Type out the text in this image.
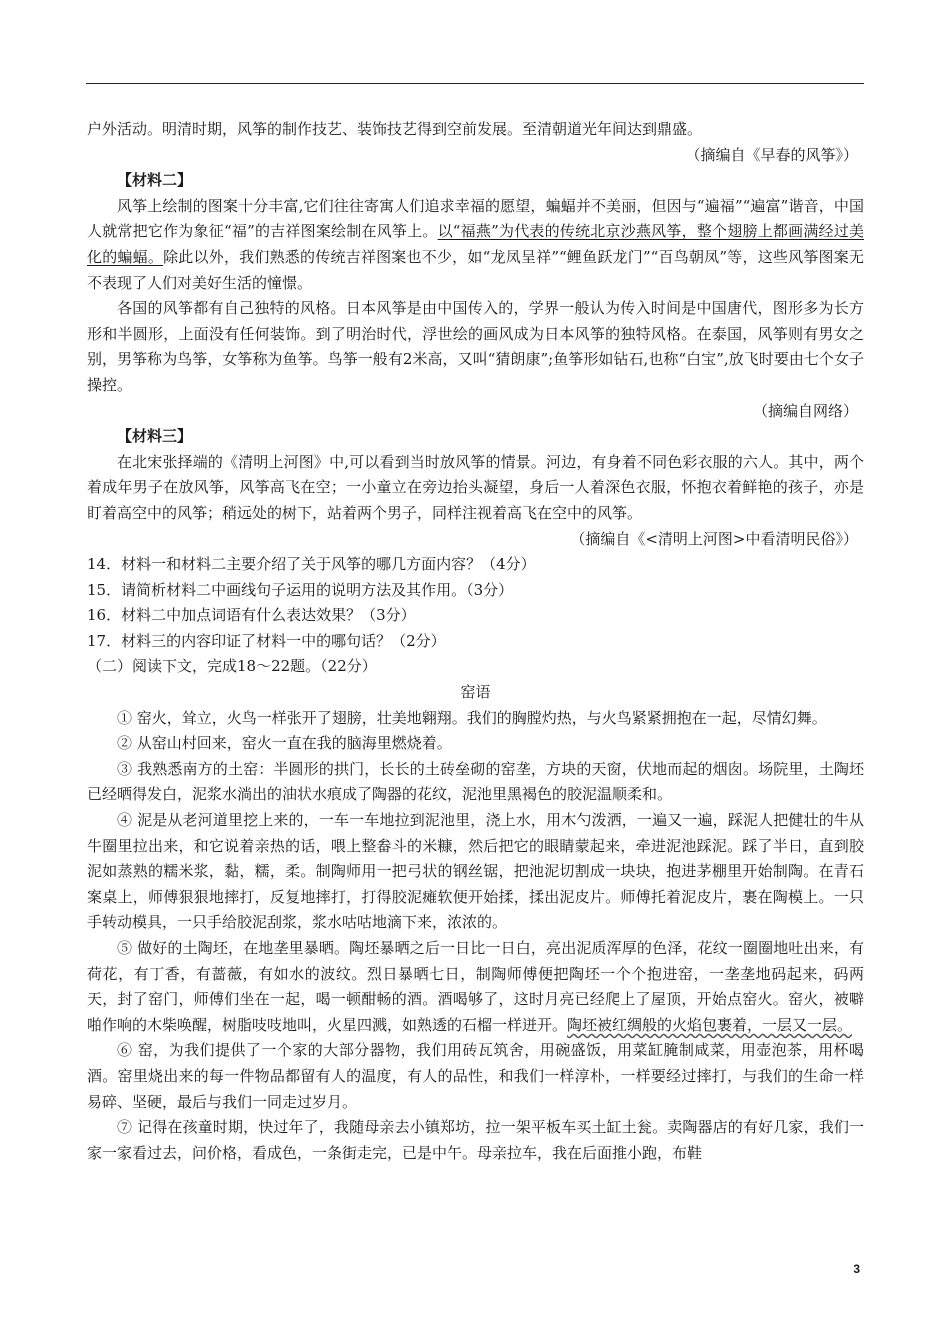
户外活动。明清时期，风筝的制作技艺、装饰技艺得到空前发展。至清朝道光年间达到鼎盛。

（摘编自《早春的风筝》）

【材料二】

风筝上绘制的图案十分丰富,它们往往寄寓人们追求幸福的愿望，蝙蝠并不美丽，但因与“遍福”“遍富”谐音，中国人就常把它作为象征“福”的吉祥图案绘制在风筝上。以“福燕”为代表的传统北京沙燕风筝，整个翅膀上都画满经过美化的蝙蝠。除此以外，我们熟悉的传统吉祥图案也不少，如“龙凤呈祥”“鲤鱼跃龙门”“百鸟朝凤”等，这些风筝图案无不表现了人们对美好生活的憧憬。

各国的风筝都有自己独特的风格。日本风筝是由中国传入的，学界一般认为传入时间是中国唐代，图形多为长方形和半圆形，上面没有任何装饰。到了明治时代，浮世绘的画风成为日本风筝的独特风格。在泰国，风筝则有男女之别，男筝称为鸟筝，女筝称为鱼筝。鸟筝一般有2米高，又叫“猜朗康”;鱼筝形如钻石,也称“白宝”,放飞时要由七个女子操控。

（摘编自网络）

【材料三】

在北宋张择端的《清明上河图》中,可以看到当时放风筝的情景。河边，有身着不同色彩衣服的六人。其中，两个着成年男子在放风筝，风筝高飞在空；一小童立在旁边抬头凝望，身后一人着深色衣服，怀抱衣着鲜艳的孩子，亦是盯着高空中的风筝；稍远处的树下，站着两个男子，同样注视着高飞在空中的风筝。

（摘编自《<清明上河图>中看清明民俗》）

14．材料一和材料二主要介绍了关于风筝的哪几方面内容？（4分）

15．请简析材料二中画线句子运用的说明方法及其作用。（3分）

16．材料二中加点词语有什么表达效果？（3分）

17．材料三的内容印证了材料一中的哪句话？（2分）

（二）阅读下文，完成18～22题。（22分）

窑语

① 窑火，耸立，火鸟一样张开了翅膀，壮美地翱翔。我们的胸膛灼热，与火鸟紧紧拥抱在一起，尽情幻舞。

② 从窑山村回来，窑火一直在我的脑海里燃烧着。

③ 我熟悉南方的土窑：半圆形的拱门，长长的土砖垒砌的窑垄，方块的天窗，伏地而起的烟囱。场院里，土陶坯已经晒得发白，泥浆水淌出的油状水痕成了陶器的花纹，泥池里黑褐色的胶泥温顺柔和。

④ 泥是从老河道里挖上来的，一车一车地拉到泥池里，浇上水，用木勺泼洒，一遍又一遍，踩泥人把健壮的牛从牛圈里拉出来，和它说着亲热的话，喂上整畚斗的米糠，然后把它的眼睛蒙起来，牵进泥池踩泥。踩了半日，直到胶泥如蒸熟的糯米浆，黏，糯，柔。制陶师用一把弓状的钢丝锯，把池泥切割成一块块，抱进茅棚里开始制陶。在青石案桌上，师傅狠狠地摔打，反复地摔打，打得胶泥瘫软便开始揉，揉出泥皮片。师傅托着泥皮片，裹在陶模上。一只手转动模具，一只手给胶泥刮浆，浆水咕咕地滴下来，浓浓的。

⑤ 做好的土陶坯，在地垄里暴晒。陶坯暴晒之后一日比一日白，亮出泥质浑厚的色泽，花纹一圈圈地吐出来，有荷花，有丁香，有蔷薇，有如水的波纹。烈日暴晒七日，制陶师傅便把陶坯一个个抱进窑，一垄垄地码起来，码两天，封了窑门，师傅们坐在一起，喝一顿酣畅的酒。酒喝够了，这时月亮已经爬上了屋顶，开始点窑火。窑火，被噼啪作响的木柴唤醒，树脂吱吱地叫，火星四溅，如熟透的石榴一样迸开。陶坯被红绸般的火焰包裹着，一层又一层。

⑥ 窑，为我们提供了一个家的大部分器物，我们用砖瓦筑舍，用碗盛饭，用菜缸腌制咸菜，用壶泡茶，用杯喝酒。窑里烧出来的每一件物品都留有人的温度，有人的品性，和我们一样淳朴，一样要经过摔打，与我们的生命一样易碎、坚硬，最后与我们一同走过岁月。

⑦ 记得在孩童时期，快过年了，我随母亲去小镇郑坊，拉一架平板车买土缸土瓮。卖陶器店的有好几家，我们一家一家看过去，问价格，看成色，一条街走完，已是中午。母亲拉车，我在后面推小跑，布鞋

3
